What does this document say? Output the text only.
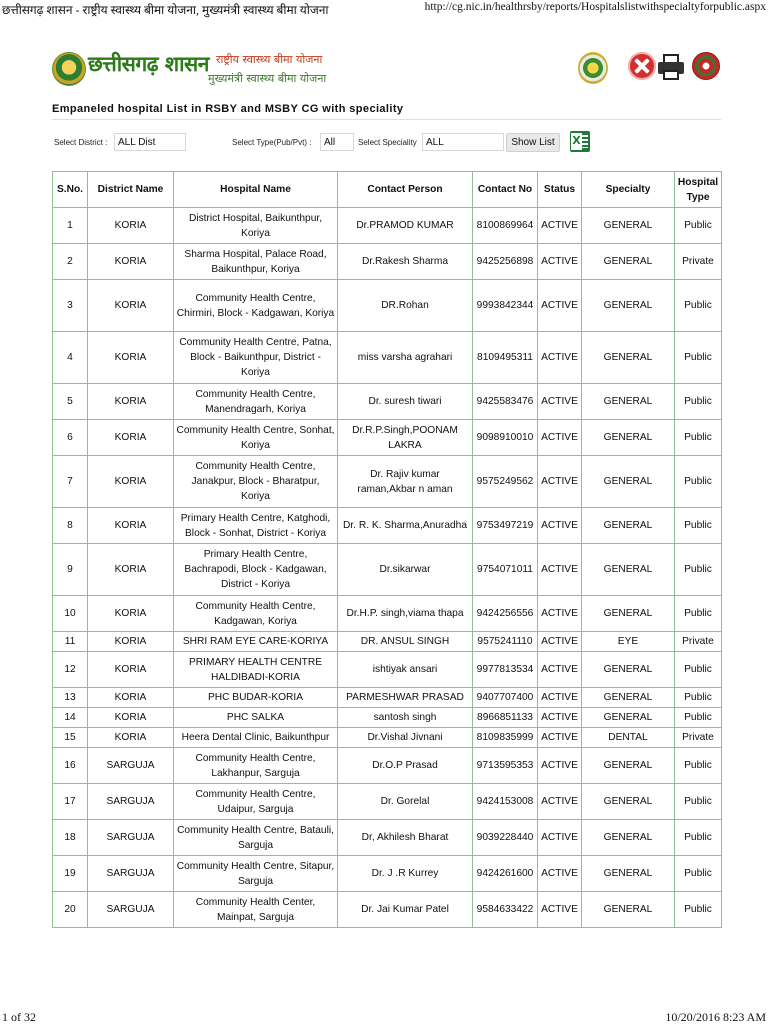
छत्तीसगढ़ शासन - राष्ट्रीय स्वास्थ्य बीमा योजना, मुख्यमंत्री स्वास्थ्य बीमा योजना	http://cg.nic.in/healthrsby/reports/Hospitalslistwithspecialtyforpublic.aspx
छत्तीसगढ़ शासन राष्ट्रीय स्वास्थ्य बीमा योजना
मुख्यमंत्री स्वास्थ्य बीमा योजना
Empaneled hospital List in RSBY and MSBY CG with speciality
Select District :	ALL Dist	Select Type(Pub/Pvt) :	All	Select Speciality ALL	Show List	X
S.No.	District Name	Hospital Name	Contact Person	Contact No	Status	Specialty	Hospital Type
1	KORIA	District Hospital, Baikunthpur, Koriya	Dr.PRAMOD KUMAR	8100869964	ACTIVE	GENERAL	Public
2	KORIA	Sharma Hospital, Palace Road, Baikunthpur, Koriya	Dr.Rakesh Sharma	9425256898	ACTIVE	GENERAL	Private
3	KORIA	Community Health Centre, Chirmiri, Block - Kadgawan, Koriya	DR.Rohan	9993842344	ACTIVE	GENERAL	Public
4	KORIA	Community Health Centre, Patna, Block - Baikunthpur, District - Koriya	miss varsha agrahari	8109495311	ACTIVE	GENERAL	Public
5	KORIA	Community Health Centre, Manendragarh, Koriya	Dr. suresh tiwari	9425583476	ACTIVE	GENERAL	Public
6	KORIA	Community Health Centre, Sonhat, Koriya	Dr.R.P.Singh,POONAM LAKRA	9098910010	ACTIVE	GENERAL	Public
7	KORIA	Community Health Centre, Janakpur, Block - Bharatpur, Koriya	Dr. Rajiv kumar raman,Akbar n aman	9575249562	ACTIVE	GENERAL	Public
8	KORIA	Primary Health Centre, Katghodi, Block - Sonhat, District - Koriya	Dr. R. K. Sharma,Anuradha	9753497219	ACTIVE	GENERAL	Public
9	KORIA	Primary Health Centre, Bachrapodi, Block - Kadgawan, District - Koriya	Dr.sikarwar	9754071011	ACTIVE	GENERAL	Public
10	KORIA	Community Health Centre, Kadgawan, Koriya	Dr.H.P. singh,viama thapa	9424256556	ACTIVE	GENERAL	Public
11	KORIA	SHRI RAM EYE CARE-KORIYA	DR. ANSUL SINGH	9575241110	ACTIVE	EYE	Private
12	KORIA	PRIMARY HEALTH CENTRE HALDIBADI-KORIA	ishtiyak ansari	9977813534	ACTIVE	GENERAL	Public
13	KORIA	PHC BUDAR-KORIA	PARMESHWAR PRASAD	9407707400	ACTIVE	GENERAL	Public
14	KORIA	PHC SALKA	santosh singh	8966851133	ACTIVE	GENERAL	Public
15	KORIA	Heera Dental Clinic, Baikunthpur	Dr.Vishal Jivnani	8109835999	ACTIVE	DENTAL	Private
16	SARGUJA	Community Health Centre, Lakhanpur, Sarguja	Dr.O.P Prasad	9713595353	ACTIVE	GENERAL	Public
17	SARGUJA	Community Health Centre, Udaipur, Sarguja	Dr. Gorelal	9424153008	ACTIVE	GENERAL	Public
18	SARGUJA	Community Health Centre, Batauli, Sarguja	Dr, Akhilesh Bharat	9039228440	ACTIVE	GENERAL	Public
19	SARGUJA	Community Health Centre, Sitapur, Sarguja	Dr. J .R Kurrey	9424261600	ACTIVE	GENERAL	Public
20	SARGUJA	Community Health Center, Mainpat, Sarguja	Dr. Jai Kumar Patel	9584633422	ACTIVE	GENERAL	Public
1 of 32	10/20/2016 8:23 AM
